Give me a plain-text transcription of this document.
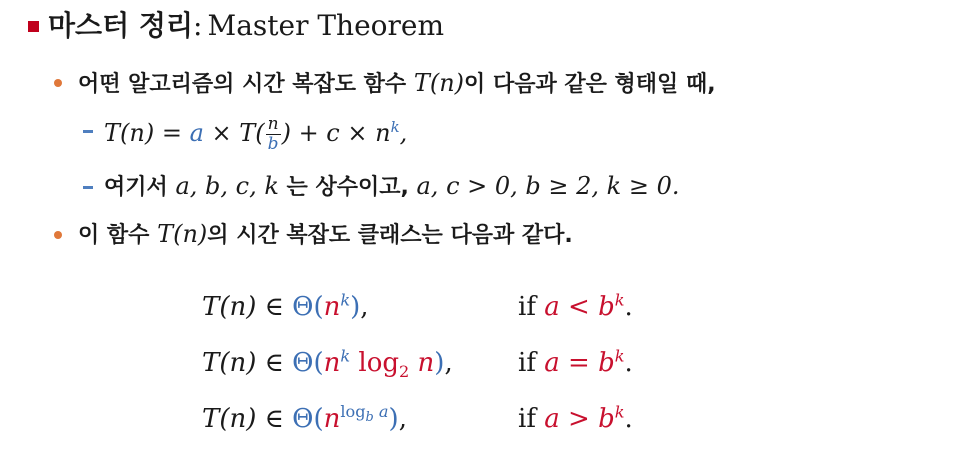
마스터 정리: Master Theorem
어떤 알고리즘의 시간 복잡도 함수 T(n)이 다음과 같은 형태일 때,
$T(n) = a \times T( \frac{n}{b}$ ) + $c \times n^k$,
여기서 a, b, c, k 는 상수이고, a, c > 0, b ≥ 2, k ≥ 0.
이 함수 T(n)의 시간 복잡도 클래스는 다음과 같다.
T(n) ∈ $\Theta(n^k)$,	if $a < b^k$.
T(n) ∈ $\Theta(n^k$ $\log_2 n$),	if $a = b^k$.
T(n) ∈ $\Theta(n^{log_b a})$,	if $a > b^k$.
